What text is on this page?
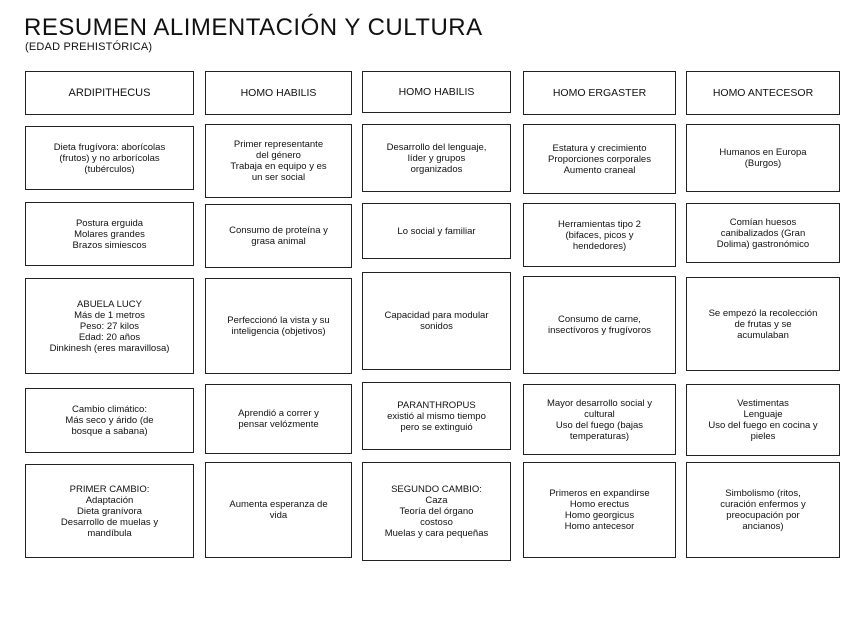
RESUMEN ALIMENTACIÓN Y CULTURA
(EDAD PREHISTÓRICA)
ARDIPITHECUS
Dieta frugívora: aborícolas
(frutos) y no arborícolas
(tubérculos)
Postura erguida
Molares grandes
Brazos simiescos
ABUELA LUCY
Más de 1 metros
Peso: 27 kilos
Edad: 20 años
Dinkinesh (eres maravillosa)
Cambio climático:
Más seco y árido (de
bosque a sabana)
PRIMER CAMBIO:
Adaptación
Dieta granívora
Desarrollo de muelas y
mandíbula
HOMO HABILIS
Primer representante
del género
Trabaja en equipo y es
un ser social
Consumo de proteína y
grasa animal
Perfeccionó la vista y su
inteligencia (objetivos)
Aprendió a correr y
pensar velózmente
Aumenta esperanza de
vida
HOMO HABILIS
Desarrollo del lenguaje,
líder y grupos
organizados
Lo social y familiar
Capacidad para modular
sonidos
PARANTHROPUS
existió al mismo tiempo
pero se extinguió
SEGUNDO CAMBIO:
Caza
Teoría del órgano
costoso
Muelas y cara pequeñas
HOMO ERGASTER
Estatura y crecimiento
Proporciones corporales
Aumento craneal
Herramientas tipo 2
(bifaces, picos y
hendedores)
Consumo de carne,
insectívoros y frugívoros
Mayor desarrollo social y
cultural
Uso del fuego (bajas
temperaturas)
Primeros en expandirse
Homo erectus
Homo georgicus
Homo antecesor
HOMO ANTECESOR
Humanos en Europa
(Burgos)
Comían huesos
canibalizados (Gran
Dolima) gastronómico
Se empezó la recolección
de frutas y se
acumulaban
Vestimentas
Lenguaje
Uso del fuego en cocina y
pieles
Simbolismo (ritos,
curación enfermos y
preocupación por
ancianos)
